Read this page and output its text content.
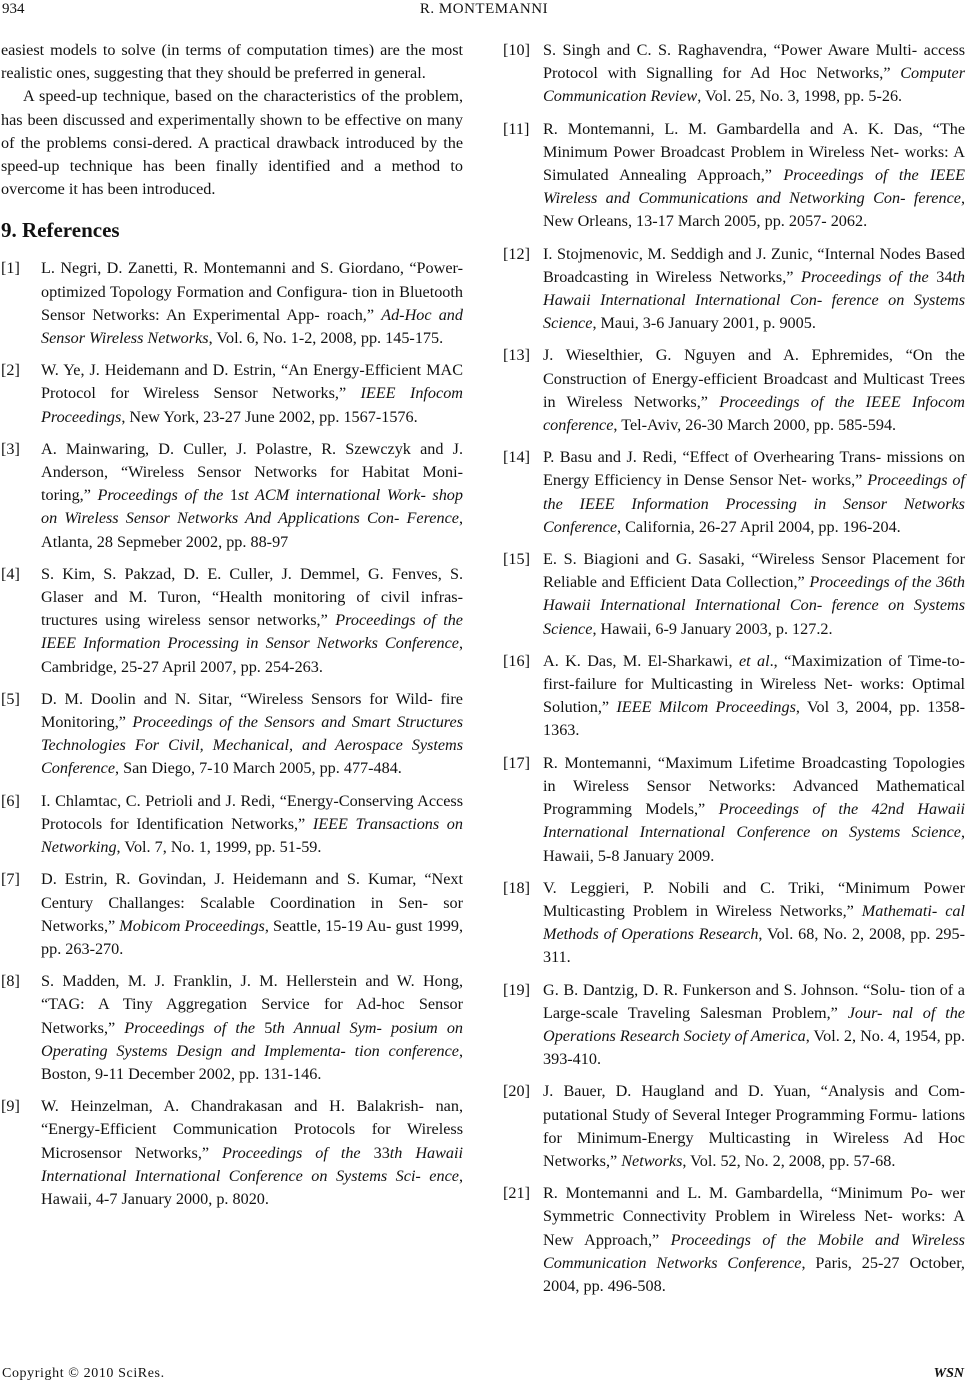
934	R. MONTEMANNI

easiest models to solve (in terms of computation times) are the most realistic ones, suggesting that they should be preferred in general.

A speed-up technique, based on the characteristics of the problem, has been discussed and experimentally shown to be effective on many of the problems consi-dered. A practical drawback introduced by the speed-up technique has been finally identified and a method to overcome it has been introduced.

9. References
[1] L. Negri, D. Zanetti, R. Montemanni and S. Giordano, “Power-optimized Topology Formation and Configura- tion in Bluetooth Sensor Networks: An Experimental App- roach,” Ad-Hoc and Sensor Wireless Networks, Vol. 6, No. 1-2, 2008, pp. 145-175.
[2] W. Ye, J. Heidemann and D. Estrin, “An Energy-Efficient MAC Protocol for Wireless Sensor Networks,” IEEE Infocom Proceedings, New York, 23-27 June 2002, pp. 1567-1576.
[3] A. Mainwaring, D. Culler, J. Polastre, R. Szewczyk and J. Anderson, “Wireless Sensor Networks for Habitat Moni- toring,” Proceedings of the 1st ACM international Work- shop on Wireless Sensor Networks And Applications Con- Ference, Atlanta, 28 Sepmeber 2002, pp. 88-97
[4] S. Kim, S. Pakzad, D. E. Culler, J. Demmel, G. Fenves, S. Glaser and M. Turon, “Health monitoring of civil infras- tructures using wireless sensor networks,” Proceedings of the IEEE Information Processing in Sensor Networks Conference, Cambridge, 25-27 April 2007, pp. 254-263.
[5] D. M. Doolin and N. Sitar, “Wireless Sensors for Wild- fire Monitoring,” Proceedings of the Sensors and Smart Structures Technologies For Civil, Mechanical, and Aerospace Systems Conference, San Diego, 7-10 March 2005, pp. 477-484.
[6] I. Chlamtac, C. Petrioli and J. Redi, “Energy-Conserving Access Protocols for Identification Networks,” IEEE Transactions on Networking, Vol. 7, No. 1, 1999, pp. 51-59.
[7] D. Estrin, R. Govindan, J. Heidemann and S. Kumar, “Next Century Challanges: Scalable Coordination in Sen- sor Networks,” Mobicom Proceedings, Seattle, 15-19 Au- gust 1999, pp. 263-270.
[8] S. Madden, M. J. Franklin, J. M. Hellerstein and W. Hong, “TAG: A Tiny Aggregation Service for Ad-hoc Sensor Networks,” Proceedings of the 5th Annual Sym- posium on Operating Systems Design and Implementa- tion conference, Boston, 9-11 December 2002, pp. 131-146.
[9] W. Heinzelman, A. Chandrakasan and H. Balakrish- nan, “Energy-Efficient Communication Protocols for Wireless Microsensor Networks,” Proceedings of the 33th Hawaii International International Conference on Systems Sci- ence, Hawaii, 4-7 January 2000, p. 8020.
[10] S. Singh and C. S. Raghavendra, “Power Aware Multi- access Protocol with Signalling for Ad Hoc Networks,” Computer Communication Review, Vol. 25, No. 3, 1998, pp. 5-26.
[11] R. Montemanni, L. M. Gambardella and A. K. Das, “The Minimum Power Broadcast Problem in Wireless Net- works: A Simulated Annealing Approach,” Proceedings of the IEEE Wireless and Communications and Networking Con- ference, New Orleans, 13-17 March 2005, pp. 2057- 2062.
[12] I. Stojmenovic, M. Seddigh and J. Zunic, “Internal Nodes Based Broadcasting in Wireless Networks,” Proceedings of the 34th Hawaii International International Con- ference on Systems Science, Maui, 3-6 January 2001, p. 9005.
[13] J. Wieselthier, G. Nguyen and A. Ephremides, “On the Construction of Energy-efficient Broadcast and Multicast Trees in Wireless Networks,” Proceedings of the IEEE Infocom conference, Tel-Aviv, 26-30 March 2000, pp. 585-594.
[14] P. Basu and J. Redi, “Effect of Overhearing Trans- missions on Energy Efficiency in Dense Sensor Net- works,” Proceedings of the IEEE Information Processing in Sensor Networks Conference, California, 26-27 April 2004, pp. 196-204.
[15] E. S. Biagioni and G. Sasaki, “Wireless Sensor Placement for Reliable and Efficient Data Collection,” Proceedings of the 36th Hawaii International International Con- ference on Systems Science, Hawaii, 6-9 January 2003, p. 127.2.
[16] A. K. Das, M. El-Sharkawi, et al., “Maximization of Time-to-first-failure for Multicasting in Wireless Net- works: Optimal Solution,” IEEE Milcom Proceedings, Vol 3, 2004, pp. 1358-1363.
[17] R. Montemanni, “Maximum Lifetime Broadcasting Topologies in Wireless Sensor Networks: Advanced Mathematical Programming Models,” Proceedings of the 42nd Hawaii International International Conference on Systems Science, Hawaii, 5-8 January 2009.
[18] V. Leggieri, P. Nobili and C. Triki, “Minimum Power Multicasting Problem in Wireless Networks,” Mathemati- cal Methods of Operations Research, Vol. 68, No. 2, 2008, pp. 295-311.
[19] G. B. Dantzig, D. R. Funkerson and S. Johnson. “Solu- tion of a Large-scale Traveling Salesman Problem,” Jour- nal of the Operations Research Society of America, Vol. 2, No. 4, 1954, pp. 393-410.
[20] J. Bauer, D. Haugland and D. Yuan, “Analysis and Com- putational Study of Several Integer Programming Formu- lations for Minimum-Energy Multicasting in Wireless Ad Hoc Networks,” Networks, Vol. 52, No. 2, 2008, pp. 57-68.
[21] R. Montemanni and L. M. Gambardella, “Minimum Po- wer Symmetric Connectivity Problem in Wireless Net- works: A New Approach,” Proceedings of the Mobile and Wireless Communication Networks Conference, Paris, 25-27 October, 2004, pp. 496-508.
Copyright © 2010 SciRes.	WSN
